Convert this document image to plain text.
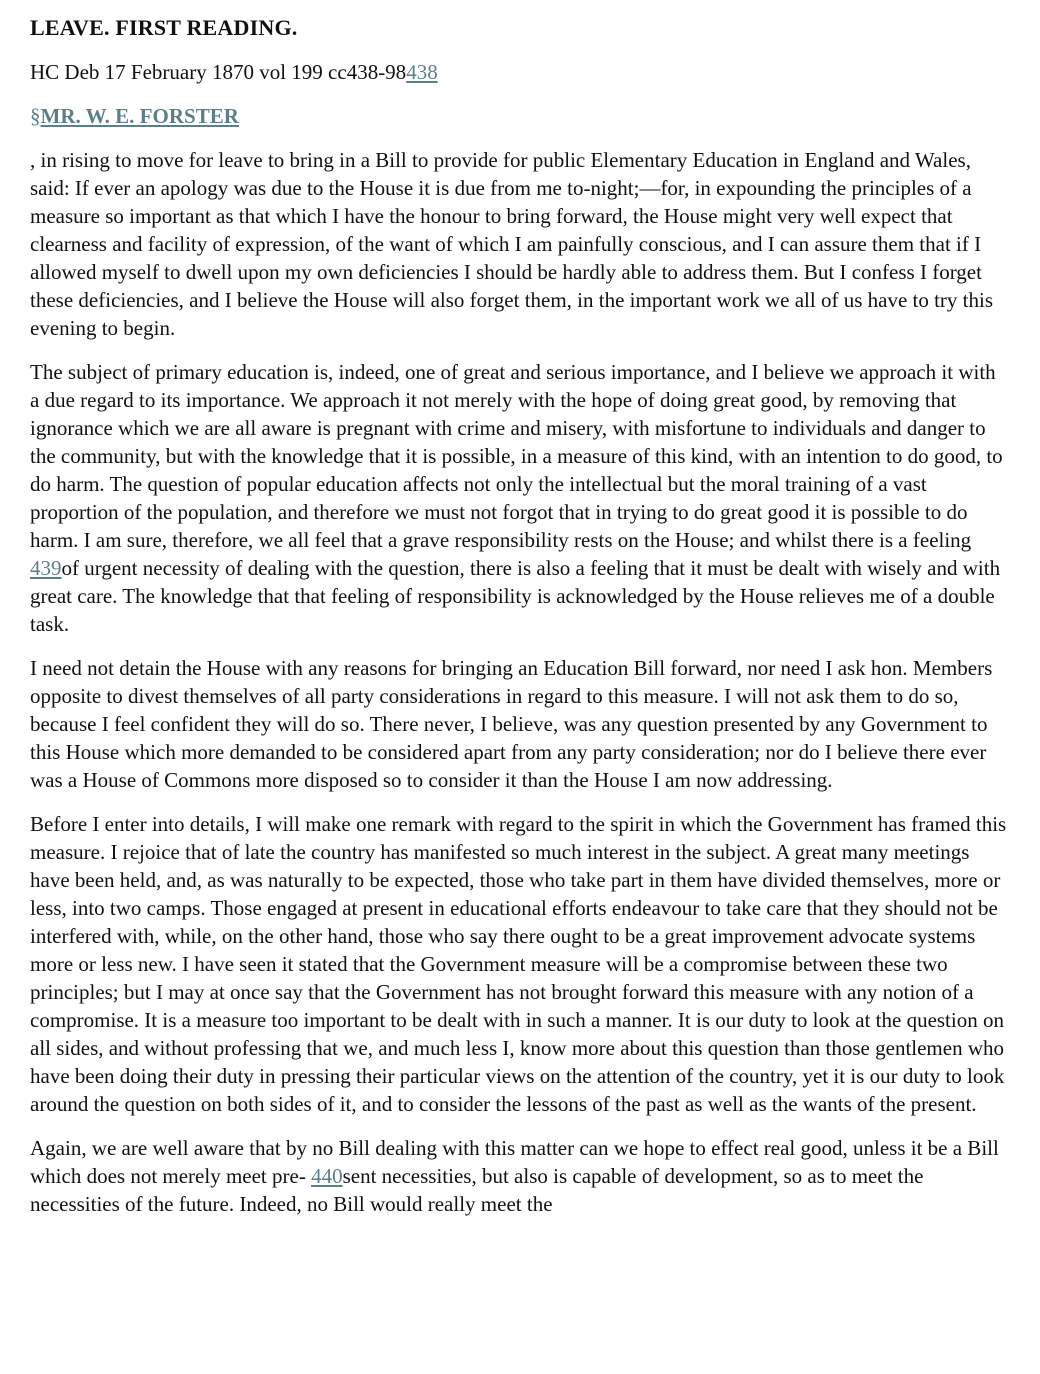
LEAVE. FIRST READING.
HC Deb 17 February 1870 vol 199 cc438-98438
§MR. W. E. FORSTER

, in rising to move for leave to bring in a Bill to provide for public Elementary Education in England and Wales, said: If ever an apology was due to the House it is due from me to-night;—for, in expounding the principles of a measure so important as that which I have the honour to bring forward, the House might very well expect that clearness and facility of expression, of the want of which I am painfully conscious, and I can assure them that if I allowed myself to dwell upon my own deficiencies I should be hardly able to address them. But I confess I forget these deficiencies, and I believe the House will also forget them, in the important work we all of us have to try this evening to begin.

The subject of primary education is, indeed, one of great and serious importance, and I believe we approach it with a due regard to its importance. We approach it not merely with the hope of doing great good, by removing that ignorance which we are all aware is pregnant with crime and misery, with misfortune to individuals and danger to the community, but with the knowledge that it is possible, in a measure of this kind, with an intention to do good, to do harm. The question of popular education affects not only the intellectual but the moral training of a vast proportion of the population, and therefore we must not forgot that in trying to do great good it is possible to do harm. I am sure, therefore, we all feel that a grave responsibility rests on the House; and whilst there is a feeling 439of urgent necessity of dealing with the question, there is also a feeling that it must be dealt with wisely and with great care. The knowledge that that feeling of responsibility is acknowledged by the House relieves me of a double task.

I need not detain the House with any reasons for bringing an Education Bill forward, nor need I ask hon. Members opposite to divest themselves of all party considerations in regard to this measure. I will not ask them to do so, because I feel confident they will do so. There never, I believe, was any question presented by any Government to this House which more demanded to be considered apart from any party consideration; nor do I believe there ever was a House of Commons more disposed so to consider it than the House I am now addressing.

Before I enter into details, I will make one remark with regard to the spirit in which the Government has framed this measure. I rejoice that of late the country has manifested so much interest in the subject. A great many meetings have been held, and, as was naturally to be expected, those who take part in them have divided themselves, more or less, into two camps. Those engaged at present in educational efforts endeavour to take care that they should not be interfered with, while, on the other hand, those who say there ought to be a great improvement advocate systems more or less new. I have seen it stated that the Government measure will be a compromise between these two principles; but I may at once say that the Government has not brought forward this measure with any notion of a compromise. It is a measure too important to be dealt with in such a manner. It is our duty to look at the question on all sides, and without professing that we, and much less I, know more about this question than those gentlemen who have been doing their duty in pressing their particular views on the attention of the country, yet it is our duty to look around the question on both sides of it, and to consider the lessons of the past as well as the wants of the present.

Again, we are well aware that by no Bill dealing with this matter can we hope to effect real good, unless it be a Bill which does not merely meet pre- 440sent necessities, but also is capable of development, so as to meet the necessities of the future. Indeed, no Bill would really meet the
